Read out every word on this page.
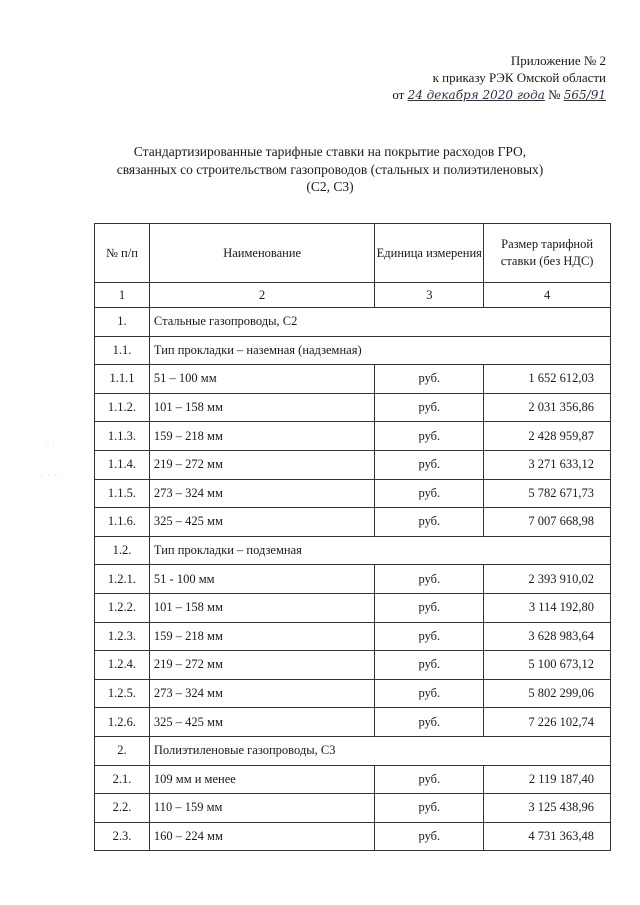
· ·
· · ·
Приложение № 2
к приказу РЭК Омской области
от 24 декабря 2020 года № 565/91
Стандартизированные тарифные ставки на покрытие расходов ГРО,
связанных со строительством газопроводов (стальных и полиэтиленовых)
(С2, С3)
№ п/п	Наименование	Единица измерения	Размер тарифной ставки (без НДС)
1	2	3	4
1.	Стальные газопроводы, С2		
1.1.	Тип прокладки – наземная (надземная)		
1.1.1	51 – 100 мм	руб.	1 652 612,03
1.1.2.	101 – 158 мм	руб.	2 031 356,86
1.1.3.	159 – 218 мм	руб.	2 428 959,87
1.1.4.	219 – 272 мм	руб.	3 271 633,12
1.1.5.	273 – 324 мм	руб.	5 782 671,73
1.1.6.	325 – 425 мм	руб.	7 007 668,98
1.2.	Тип прокладки – подземная		
1.2.1.	51 - 100 мм	руб.	2 393 910,02
1.2.2.	101 – 158 мм	руб.	3 114 192,80
1.2.3.	159 – 218 мм	руб.	3 628 983,64
1.2.4.	219 – 272 мм	руб.	5 100 673,12
1.2.5.	273 – 324 мм	руб.	5 802 299,06
1.2.6.	325 – 425 мм	руб.	7 226 102,74
2.	Полиэтиленовые газопроводы, С3		
2.1.	109 мм и менее	руб.	2 119 187,40
2.2.	110 – 159 мм	руб.	3 125 438,96
2.3.	160 – 224 мм	руб.	4 731 363,48
